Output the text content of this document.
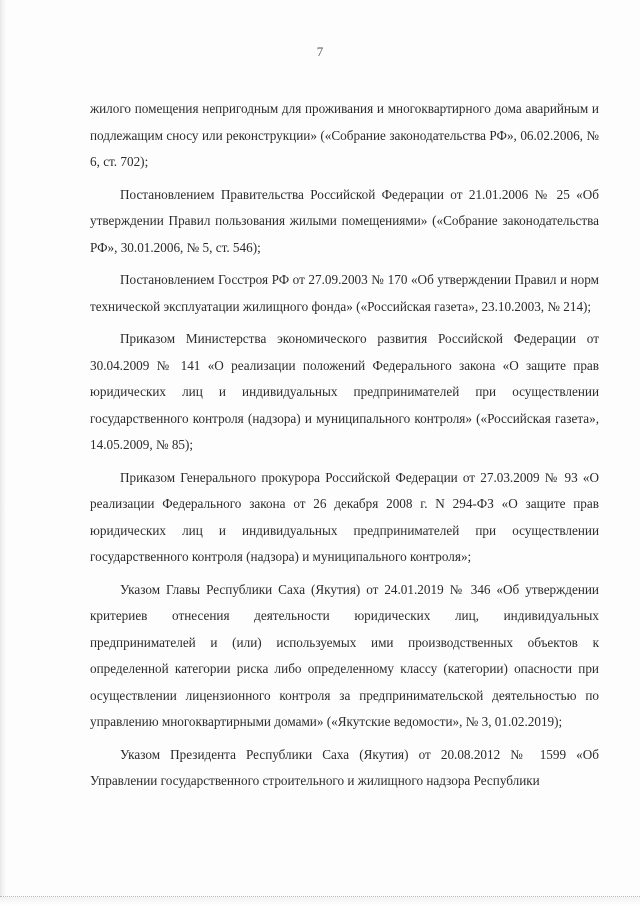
7

жилого помещения непригодным для проживания и многоквартирного дома аварийным и подлежащим сносу или реконструкции» («Собрание законодательства РФ», 06.02.2006, № 6, ст. 702);

Постановлением Правительства Российской Федерации от 21.01.2006 № 25 «Об утверждении Правил пользования жилыми помещениями» («Собрание законодательства РФ», 30.01.2006, № 5, ст. 546);

Постановлением Госстроя РФ от 27.09.2003 № 170 «Об утверждении Правил и норм технической эксплуатации жилищного фонда» («Российская газета», 23.10.2003, № 214);

Приказом Министерства экономического развития Российской Федерации от 30.04.2009 № 141 «О реализации положений Федерального закона «О защите прав юридических лиц и индивидуальных предпринимателей при осуществлении государственного контроля (надзора) и муниципального контроля» («Российская газета», 14.05.2009, № 85);

Приказом Генерального прокурора Российской Федерации от 27.03.2009 № 93 «О реализации Федерального закона от 26 декабря 2008 г. N 294-ФЗ «О защите прав юридических лиц и индивидуальных предпринимателей при осуществлении государственного контроля (надзора) и муниципального контроля»;

Указом Главы Республики Саха (Якутия) от 24.01.2019 № 346 «Об утверждении критериев отнесения деятельности юридических лиц, индивидуальных предпринимателей и (или) используемых ими производственных объектов к определенной категории риска либо определенному классу (категории) опасности при осуществлении лицензионного контроля за предпринимательской деятельностью по управлению многоквартирными домами» («Якутские ведомости», № 3, 01.02.2019);

Указом Президента Республики Саха (Якутия) от 20.08.2012 № 1599 «Об Управлении государственного строительного и жилищного надзора Республики
